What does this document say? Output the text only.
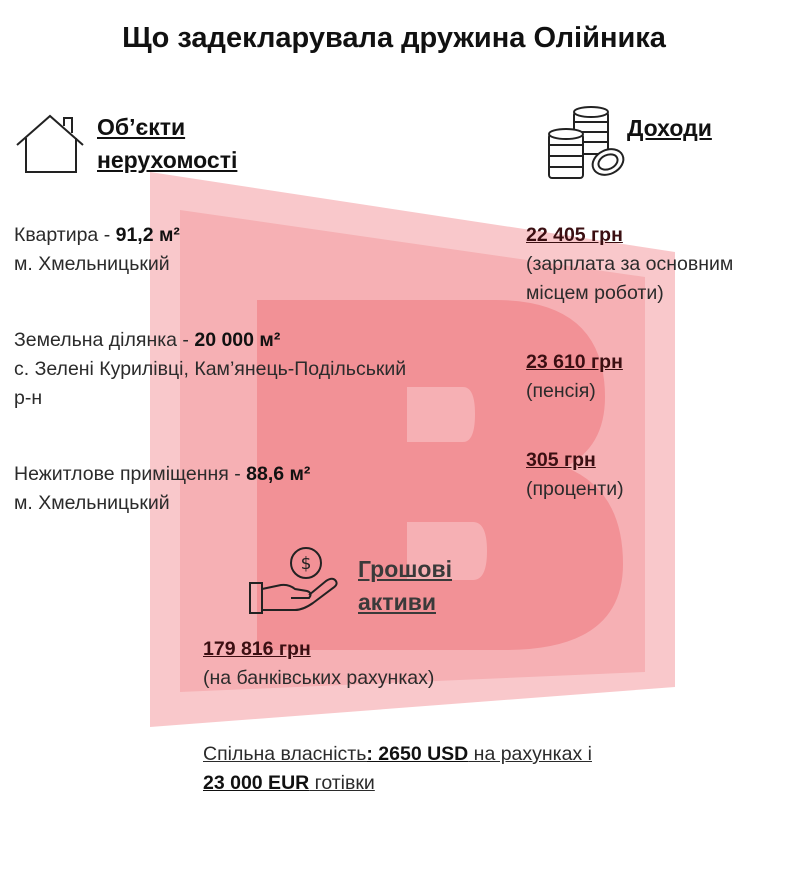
Що задекларувала дружина Олійника
Об’єкти
нерухомості
Квартира - 91,2 м²
м. Хмельницький
Земельна ділянка - 20 000 м²
с. Зелені Курилівці, Кам’янець-Подільський
р-н
Нежитлове приміщення - 88,6 м²
м. Хмельницький
Доходи
22 405 грн
(зарплата за основним
місцем роботи)
23 610 грн
(пенсія)
305 грн
(проценти)
$ Грошові
активи
179 816 грн
(на банківських рахунках)
Спільна власність: 2650 USD на рахунках і
23 000 EUR готівки
